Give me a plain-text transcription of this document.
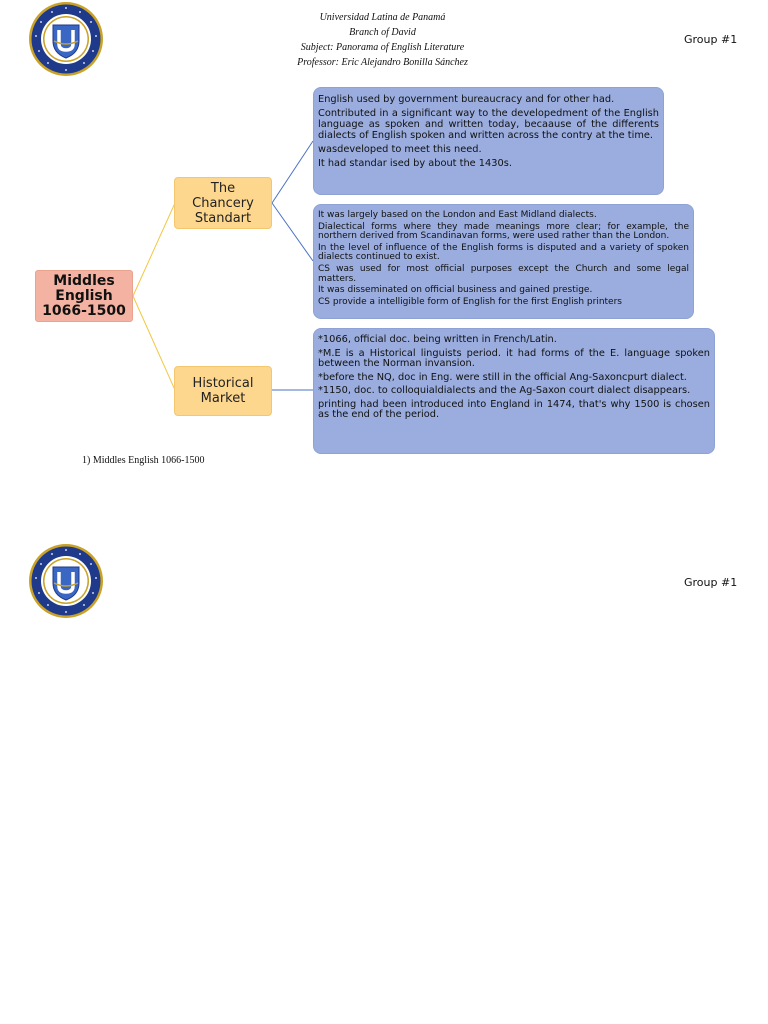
Universidad Latina de Panamá
Branch of David
Subject: Panorama of English Literature
Professor: Eric Alejandro Bonilla Sánchez
Group #1
Middles
English
1066-1500
The
Chancery
Standart
Historical
Market

English used by government bureaucracy and for other had.

Contributed in a significant way to the developedment of the English language as spoken and written today, becaause of the differents dialects of English spoken and written across the contry at the time.

wasdeveloped to meet this need.

It had standar ised by about the 1430s.

It was largely based on the London and East Midland dialects.

Dialectical forms where they made meanings more clear; for example, the northern derived from Scandinavan forms, were used rather than the London.

In the level of influence of the English forms is disputed and a variety of spoken dialects continued to exist.

CS was used for most official purposes except the Church and some legal matters.

It was disseminated on official business and gained prestige.

CS provide a intelligible form of English for the first English printers

*1066, official doc. being written in French/Latin.

*M.E is a Historical linguists period. it had forms of the E. language spoken between the Norman invansion.

*before the NQ, doc in Eng. were still in the official Ang-Saxoncpurt dialect.

*1150, doc. to colloquialdialects and the Ag-Saxon court dialect disappears.

printing had been introduced into England in 1474, that's why 1500 is chosen as the end of the period.

1) Middles English 1066-1500
Group #1
